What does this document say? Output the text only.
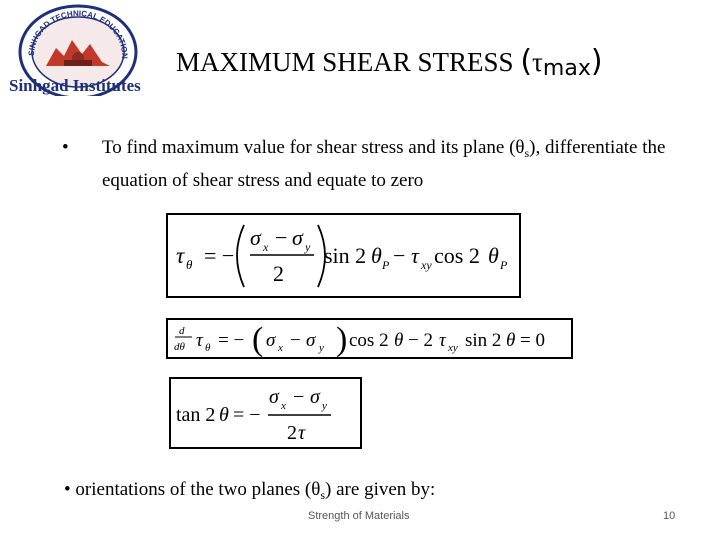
SINHGAD TECHNICAL EDUCATION
Sinhgad Institutes
MAXIMUM SHEAR STRESS (τmax)
• To find maximum value for shear stress and its plane $(\theta_s)$, differentiate the equation of shear stress and equate to zero
τ θ = −
σ x − σ y
2
sin 2 θ P − τ xy cos 2 θ P
d
dθ τ θ = − ( σ x − σ y ) cos 2 θ − 2 τ xy sin 2 θ = 0
tan 2 θ = −
σ x − σ y
2 τ
• orientations of the two planes $(\theta_s)$ are given by:
Strength of Materials	10
